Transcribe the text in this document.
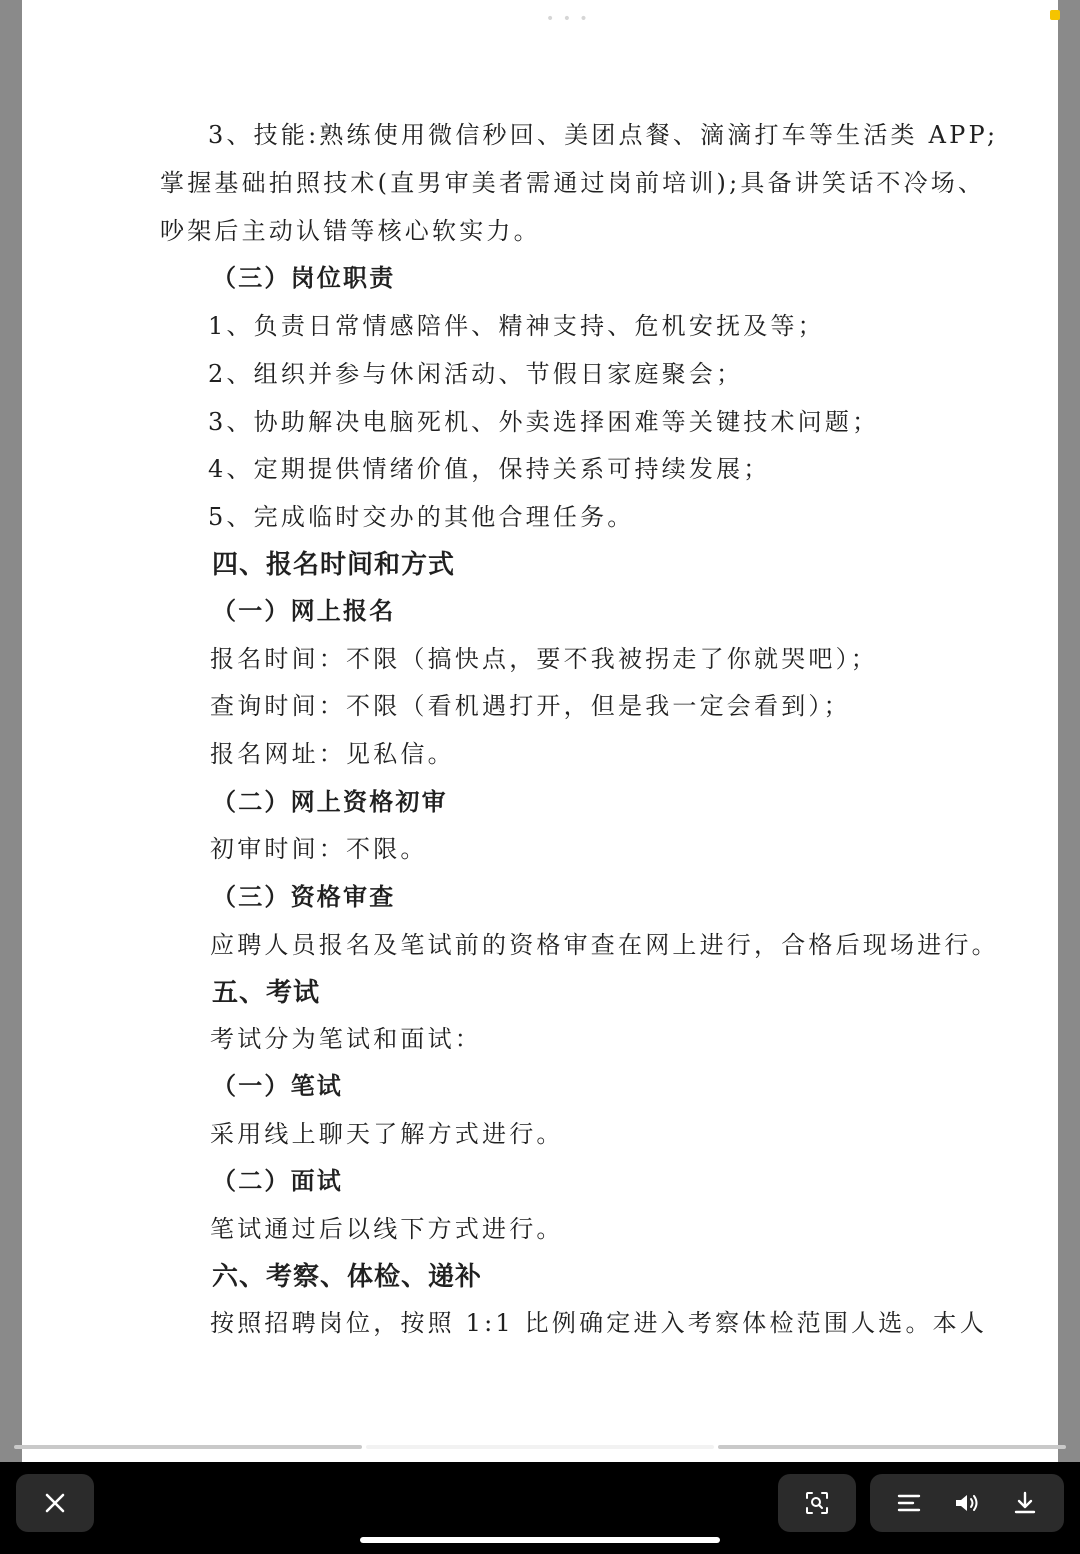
• • •
3、技能:熟练使用微信秒回、美团点餐、滴滴打车等生活类 APP;
掌握基础拍照技术(直男审美者需通过岗前培训);具备讲笑话不冷场、
吵架后主动认错等核心软实力。
（三）岗位职责
1、负责日常情感陪伴、精神支持、危机安抚及等；
2、组织并参与休闲活动、节假日家庭聚会；
3、协助解决电脑死机、外卖选择困难等关键技术问题；
4、定期提供情绪价值，保持关系可持续发展；
5、完成临时交办的其他合理任务。
四、报名时间和方式
（一）网上报名
报名时间：不限（搞快点，要不我被拐走了你就哭吧）；
查询时间：不限（看机遇打开，但是我一定会看到）；
报名网址：见私信。
（二）网上资格初审
初审时间：不限。
（三）资格审查
应聘人员报名及笔试前的资格审查在网上进行，合格后现场进行。
五、考试
考试分为笔试和面试：
（一）笔试
采用线上聊天了解方式进行。
（二）面试
笔试通过后以线下方式进行。
六、考察、体检、递补
按照招聘岗位，按照 1:1 比例确定进入考察体检范围人选。本人
